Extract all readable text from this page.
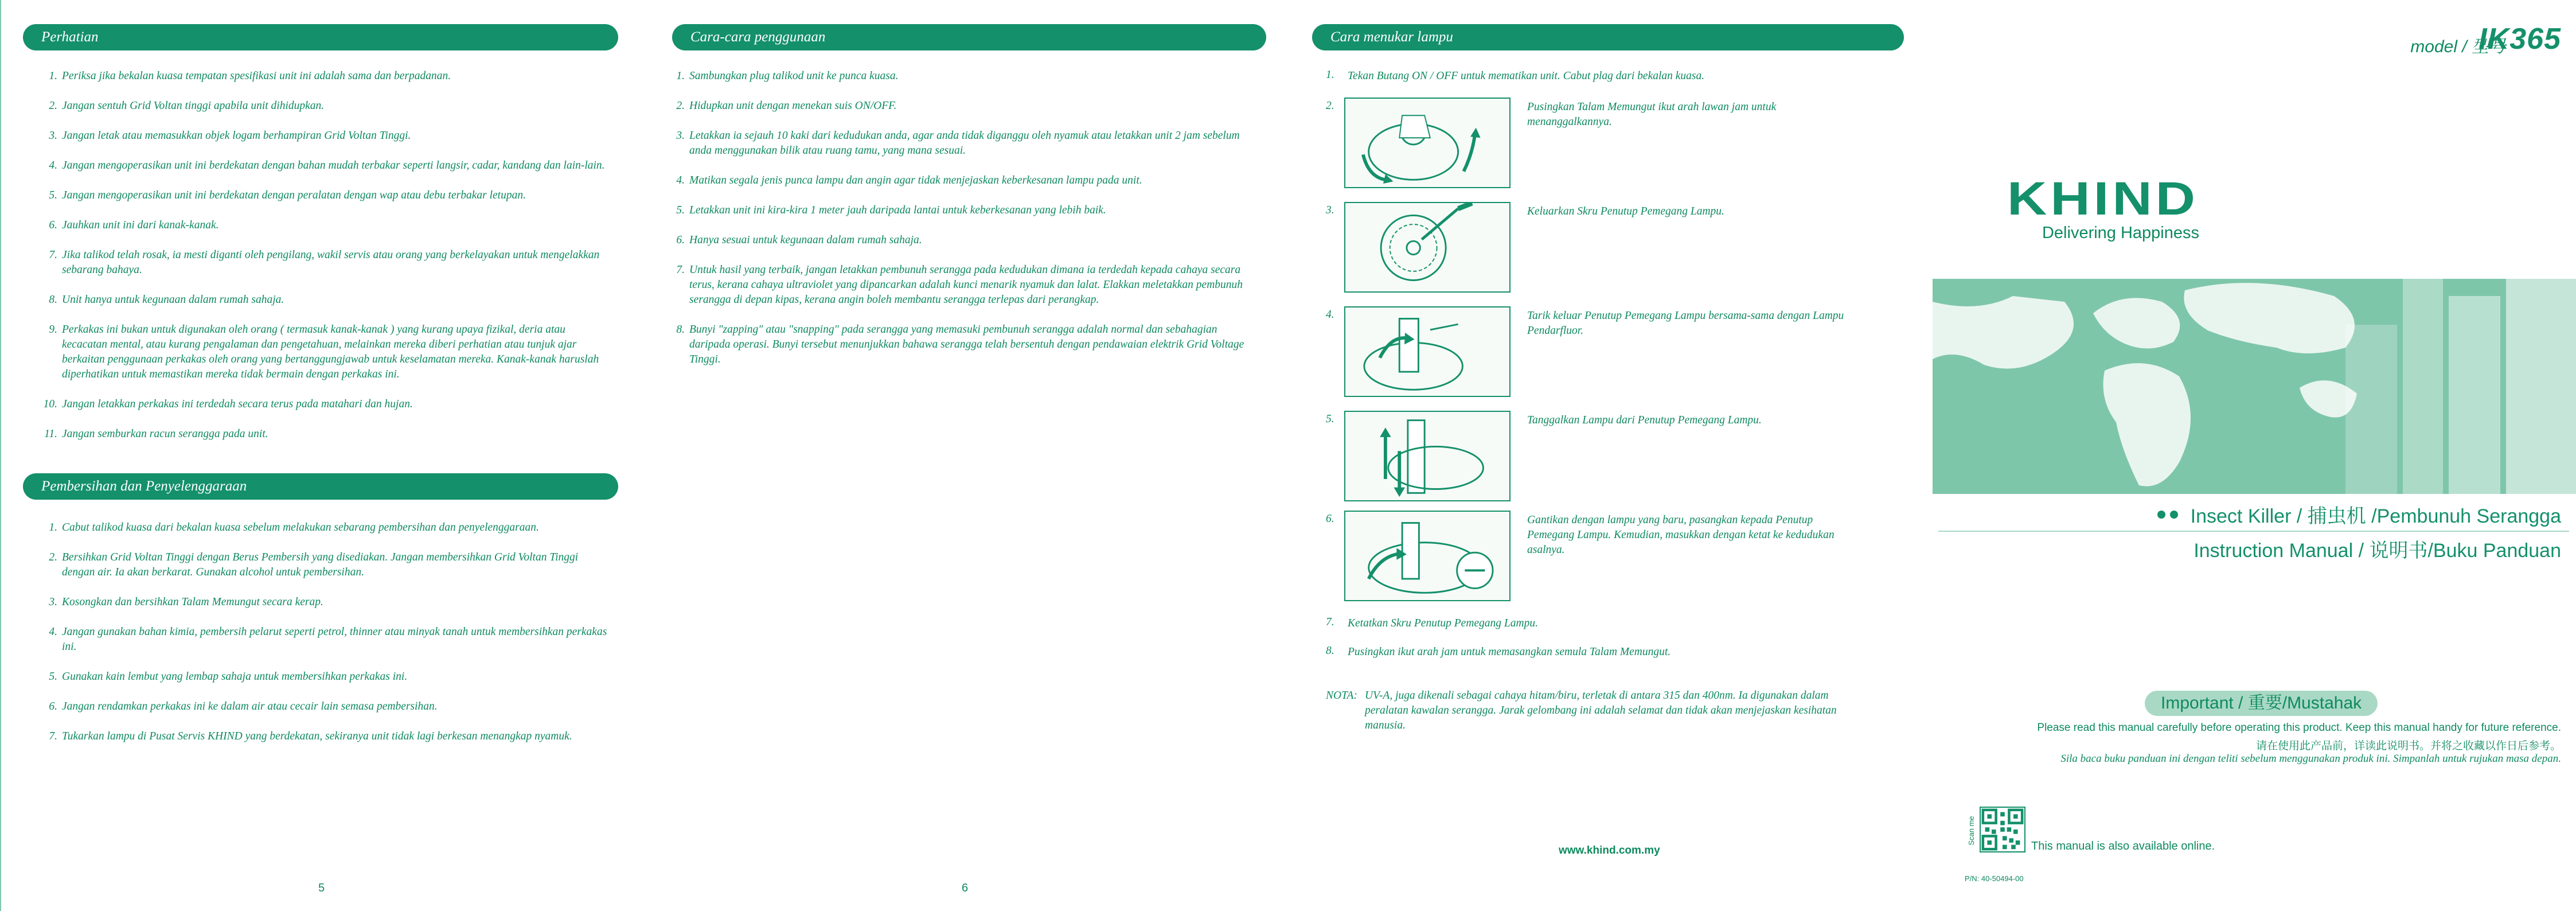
Perhatian
1. Periksa jika bekalan kuasa tempatan spesifikasi unit ini adalah sama dan berpadanan.
2. Jangan sentuh Grid Voltan tinggi apabila unit dihidupkan.
3. Jangan letak atau memasukkan objek logam berhampiran Grid Voltan Tinggi.
4. Jangan mengoperasikan unit ini berdekatan dengan bahan mudah terbakar seperti langsir, cadar, kandang dan lain-lain.
5. Jangan mengoperasikan unit ini berdekatan dengan peralatan dengan wap atau debu terbakar letupan.
6. Jauhkan unit ini dari kanak-kanak.
7. Jika talikod telah rosak, ia mesti diganti oleh pengilang, wakil servis atau orang yang berkelayakan untuk mengelakkan sebarang bahaya.
8. Unit hanya untuk kegunaan dalam rumah sahaja.
9. Perkakas ini bukan untuk digunakan oleh orang ( termasuk kanak-kanak ) yang kurang upaya fizikal, deria atau kecacatan mental, atau kurang pengalaman dan pengetahuan, melainkan mereka diberi perhatian atau tunjuk ajar berkaitan penggunaan perkakas oleh orang yang bertanggungjawab untuk keselamatan mereka. Kanak-kanak haruslah diperhatikan untuk memastikan mereka tidak bermain dengan perkakas ini.
10. Jangan letakkan perkakas ini terdedah secara terus pada matahari dan hujan.
11. Jangan semburkan racun serangga pada unit.
Pembersihan dan Penyelenggaraan
1. Cabut talikod kuasa dari bekalan kuasa sebelum melakukan sebarang pembersihan dan penyelenggaraan.
2. Bersihkan Grid Voltan Tinggi dengan Berus Pembersih yang disediakan. Jangan membersihkan Grid Voltan Tinggi dengan air. Ia akan berkarat. Gunakan alcohol untuk pembersihan.
3. Kosongkan dan bersihkan Talam Memungut secara kerap.
4. Jangan gunakan bahan kimia, pembersih pelarut seperti petrol, thinner atau minyak tanah untuk membersihkan perkakas ini.
5. Gunakan kain lembut yang lembap sahaja untuk membersihkan perkakas ini.
6. Jangan rendamkan perkakas ini ke dalam air atau cecair lain semasa pembersihan.
7. Tukarkan lampu di Pusat Servis KHIND yang berdekatan, sekiranya unit tidak lagi berkesan menangkap nyamuk.
5
Cara-cara penggunaan
1. Sambungkan plug talikod unit ke punca kuasa.
2. Hidupkan unit dengan menekan suis ON/OFF.
3. Letakkan ia sejauh 10 kaki dari kedudukan anda, agar anda tidak diganggu oleh nyamuk atau letakkan unit 2 jam sebelum anda menggunakan bilik atau ruang tamu, yang mana sesuai.
4. Matikan segala jenis punca lampu dan angin agar tidak menjejaskan keberkesanan lampu pada unit.
5. Letakkan unit ini kira-kira 1 meter jauh daripada lantai untuk keberkesanan yang lebih baik.
6. Hanya sesuai untuk kegunaan dalam rumah sahaja.
7. Untuk hasil yang terbaik, jangan letakkan pembunuh serangga pada kedudukan dimana ia terdedah kepada cahaya secara terus, kerana cahaya ultraviolet yang dipancarkan adalah kunci menarik nyamuk dan lalat. Elakkan meletakkan pembunuh serangga di depan kipas, kerana angin boleh membantu serangga terlepas dari perangkap.
8. Bunyi "zapping" atau "snapping" pada serangga yang memasuki pembunuh serangga adalah normal dan sebahagian daripada operasi. Bunyi tersebut menunjukkan bahawa serangga telah bersentuh dengan pendawaian elektrik Grid Voltage Tinggi.
6
Cara menukar lampu
1. Tekan Butang ON / OFF untuk mematikan unit. Cabut plag dari bekalan kuasa.
2.	Pusingkan Talam Memungut ikut arah lawan jam untuk menanggalkannya.
3.	Keluarkan Skru Penutup Pemegang Lampu.
4.	Tarik keluar Penutup Pemegang Lampu bersama-sama dengan Lampu Pendarfluor.
5.	Tanggalkan Lampu dari Penutup Pemegang Lampu.
6.	Gantikan dengan lampu yang baru, pasangkan kepada Penutup Pemegang Lampu. Kemudian, masukkan dengan ketat ke kedudukan asalnya.
7. Ketatkan Skru Penutup Pemegang Lampu.
8. Pusingkan ikut arah jam untuk memasangkan semula Talam Memungut.
NOTA: UV-A, juga dikenali sebagai cahaya hitam/biru, terletak di antara 315 dan 400nm. Ia digunakan dalam peralatan kawalan serangga. Jarak gelombang ini adalah selamat dan tidak akan menjejaskan kesihatan manusia.
www.khind.com.my
model / 型号
IK365
KHIND
Delivering Happiness
Insect Killer / 捕虫机 /Pembunuh Serangga
Instruction Manual / 说明书/Buku Panduan
Important / 重要/Mustahak
Please read this manual carefully before operating this product. Keep this manual handy for future reference.
请在使用此产品前，详读此说明书。并将之收藏以作日后参考。
Sila baca buku panduan ini dengan teliti sebelum menggunakan produk ini. Simpanlah untuk rujukan masa depan.
Scan me
This manual is also available online.
P/N: 40-50494-00
